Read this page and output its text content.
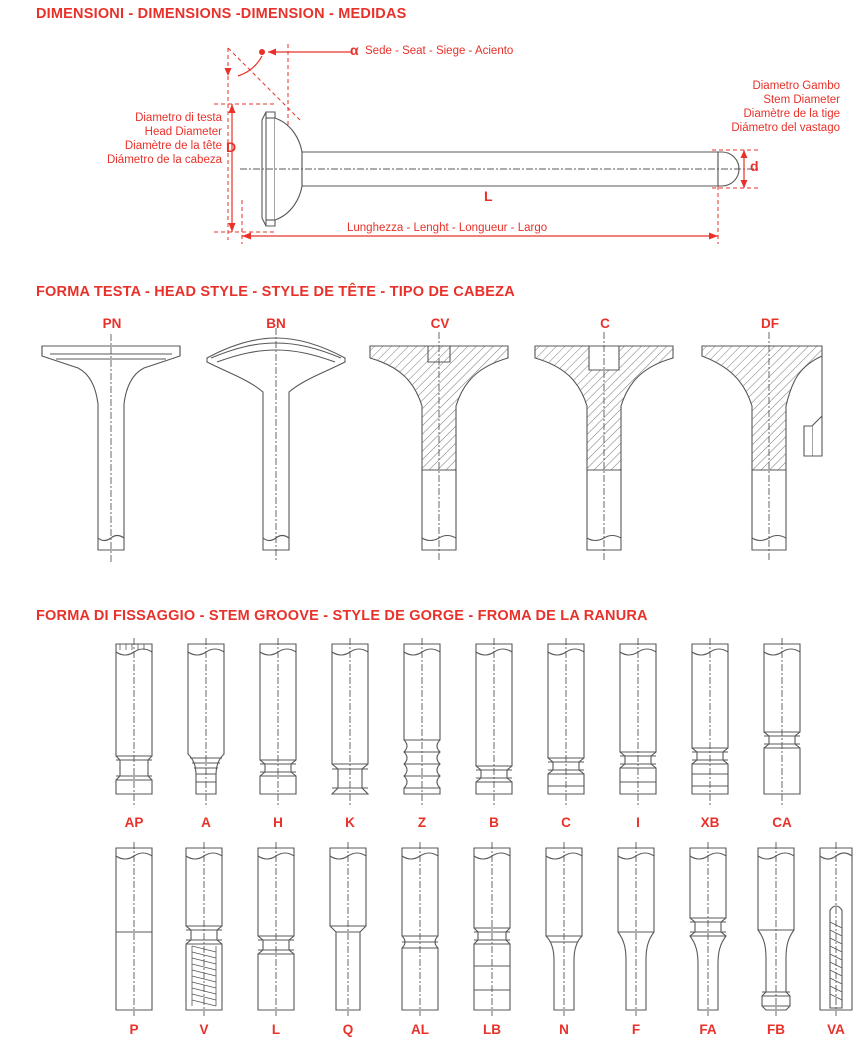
DIMENSIONI - DIMENSIONS -DIMENSION - MEDIDAS
FORMA TESTA - HEAD STYLE - STYLE DE TÊTE - TIPO DE CABEZA
FORMA DI FISSAGGIO - STEM GROOVE - STYLE DE GORGE - FROMA DE LA RANURA
Sede - Seat - Siege - Aciento
α
Diametro di testa
Head Diameter
Diamètre de la tête
Diámetro de la cabeza
Diametro Gambo
Stem Diameter
Diamètre de la tige
Diámetro del vastago
D
d
L
Lunghezza - Lenght - Longueur - Largo
PN	BN	CV	C	DF
AP	A	H	K	Z	B	C	I	XB	CA
P	V	L	Q	AL	LB	N	F	FA	FB	VA
